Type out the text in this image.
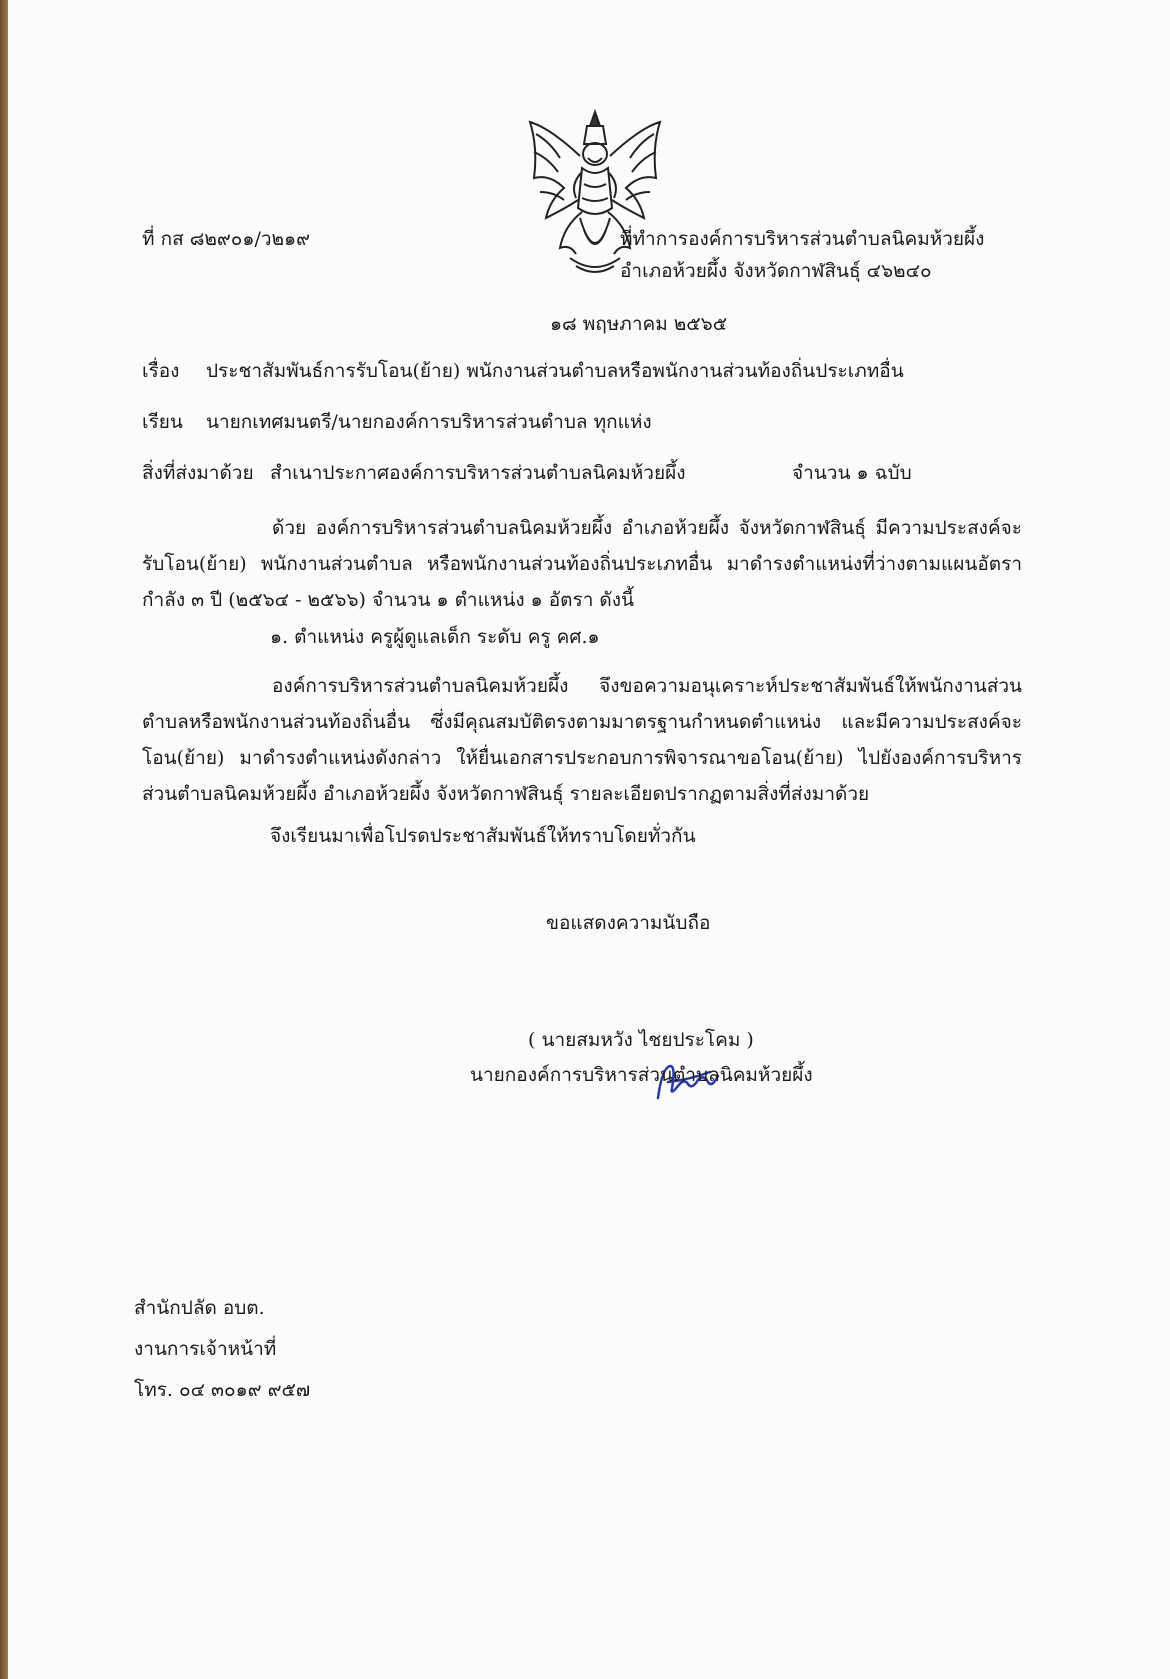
ที่ กส ๘๒๙๐๑/ว๒๑๙	ที่ทำการองค์การบริหารส่วนตำบลนิคมห้วยผึ้ง
อำเภอห้วยผึ้ง จังหวัดกาฬสินธุ์ ๔๖๒๔๐
๑๘ พฤษภาคม ๒๕๖๕
เรื่อง ประชาสัมพันธ์การรับโอน(ย้าย) พนักงานส่วนตำบลหรือพนักงานส่วนท้องถิ่นประเภทอื่น
เรียน นายกเทศมนตรี/นายกองค์การบริหารส่วนตำบล ทุกแห่ง
สิ่งที่ส่งมาด้วย สำเนาประกาศองค์การบริหารส่วนตำบลนิคมห้วยผึ้ง	จำนวน ๑ ฉบับ
ด้วย องค์การบริหารส่วนตำบลนิคมห้วยผึ้ง อำเภอห้วยผึ้ง จังหวัดกาฬสินธุ์ มีความประสงค์จะรับโอน(ย้าย) พนักงานส่วนตำบล หรือพนักงานส่วนท้องถิ่นประเภทอื่น มาดำรงตำแหน่งที่ว่างตามแผนอัตรากำลัง ๓ ปี (๒๕๖๔ - ๒๕๖๖) จำนวน ๑ ตำแหน่ง ๑ อัตรา ดังนี้
๑. ตำแหน่ง ครูผู้ดูแลเด็ก ระดับ ครู คศ.๑
องค์การบริหารส่วนตำบลนิคมห้วยผึ้ง จึงขอความอนุเคราะห์ประชาสัมพันธ์ให้พนักงานส่วนตำบลหรือพนักงานส่วนท้องถิ่นอื่น ซึ่งมีคุณสมบัติตรงตามมาตรฐานกำหนดตำแหน่ง และมีความประสงค์จะโอน(ย้าย) มาดำรงตำแหน่งดังกล่าว ให้ยื่นเอกสารประกอบการพิจารณาขอโอน(ย้าย) ไปยังองค์การบริหารส่วนตำบลนิคมห้วยผึ้ง อำเภอห้วยผึ้ง จังหวัดกาฬสินธุ์ รายละเอียดปรากฏตามสิ่งที่ส่งมาด้วย
จึงเรียนมาเพื่อโปรดประชาสัมพันธ์ให้ทราบโดยทั่วกัน
ขอแสดงความนับถือ
( นายสมหวัง ไชยประโคม )
นายกองค์การบริหารส่วนตำบลนิคมห้วยผึ้ง
สำนักปลัด อบต.
งานการเจ้าหน้าที่
โทร. ๐๔ ๓๐๑๙ ๙๕๗
